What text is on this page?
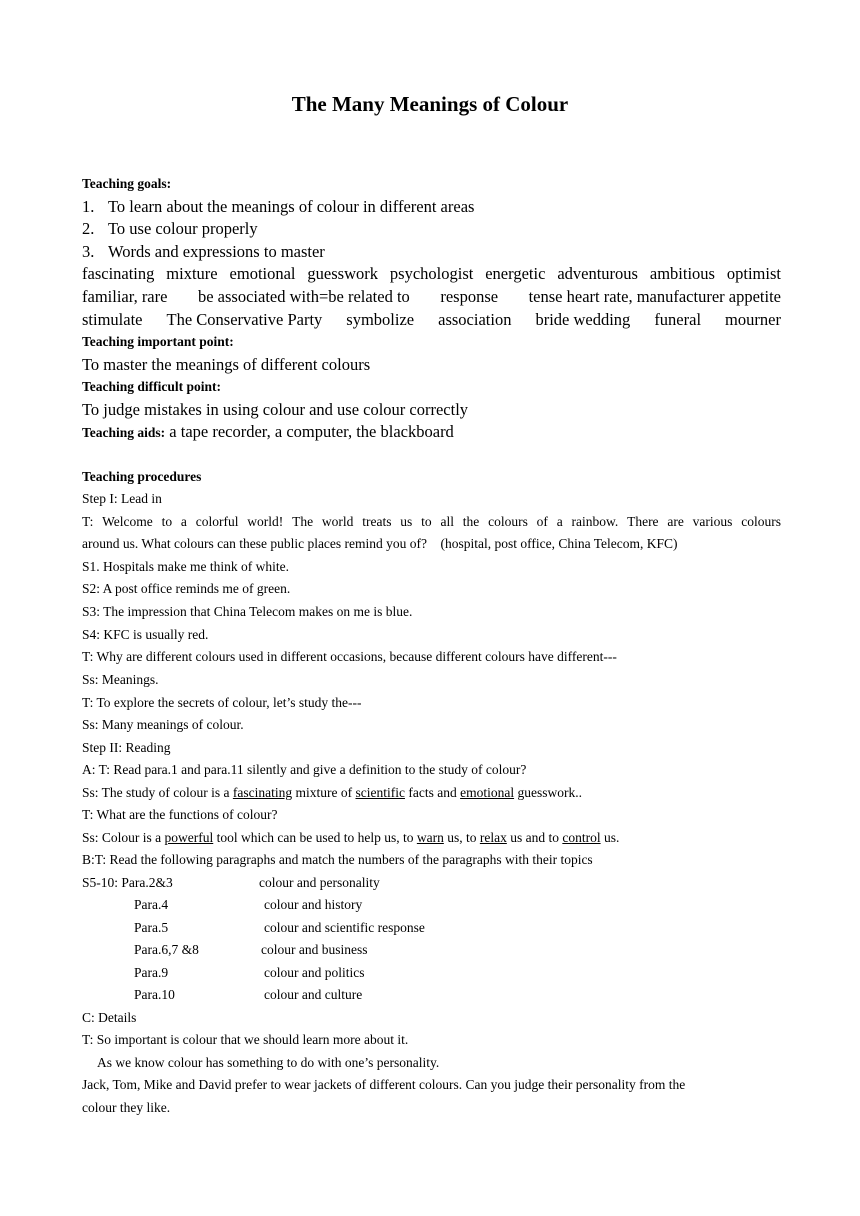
The Many Meanings of Colour
Teaching goals:
1. To learn about the meanings of colour in different areas
2. To use colour properly
3. Words and expressions to master
fascinating mixture emotional guesswork psychologist energetic adventurous ambitious optimist
familiar, rare be associated with=be related to response tense heart rate, manufacturer appetite
stimulate The Conservative Party symbolize association bride wedding funeral mourner
Teaching important point:
To master the meanings of different colours
Teaching difficult point:
To judge mistakes in using colour and use colour correctly
Teaching aids: a tape recorder, a computer, the blackboard
Teaching procedures
Step I: Lead in
T: Welcome to a colorful world! The world treats us to all the colours of a rainbow. There are various colours
around us. What colours can these public places remind you of?    (hospital, post office, China Telecom, KFC)
S1. Hospitals make me think of white.
S2: A post office reminds me of green.
S3: The impression that China Telecom makes on me is blue.
S4: KFC is usually red.
T: Why are different colours used in different occasions, because different colours have different---
Ss: Meanings.
T: To explore the secrets of colour, let’s study the---
Ss: Many meanings of colour.
Step II: Reading
A: T: Read para.1 and para.11 silently and give a definition to the study of colour?
Ss: The study of colour is a fascinating mixture of scientific facts and emotional guesswork..
T: What are the functions of colour?
Ss: Colour is a powerful tool which can be used to help us, to warn us, to relax us and to control us.
B:T: Read the following paragraphs and match the numbers of the paragraphs with their topics
S5-10: Para.2&3	colour and personality
Para.4	colour and history
Para.5	colour and scientific response
Para.6,7 &8	colour and business
Para.9	colour and politics
Para.10	colour and culture
C: Details
T: So important is colour that we should learn more about it.
As we know colour has something to do with one’s personality.
Jack, Tom, Mike and David prefer to wear jackets of different colours. Can you judge their personality from the
colour they like.
